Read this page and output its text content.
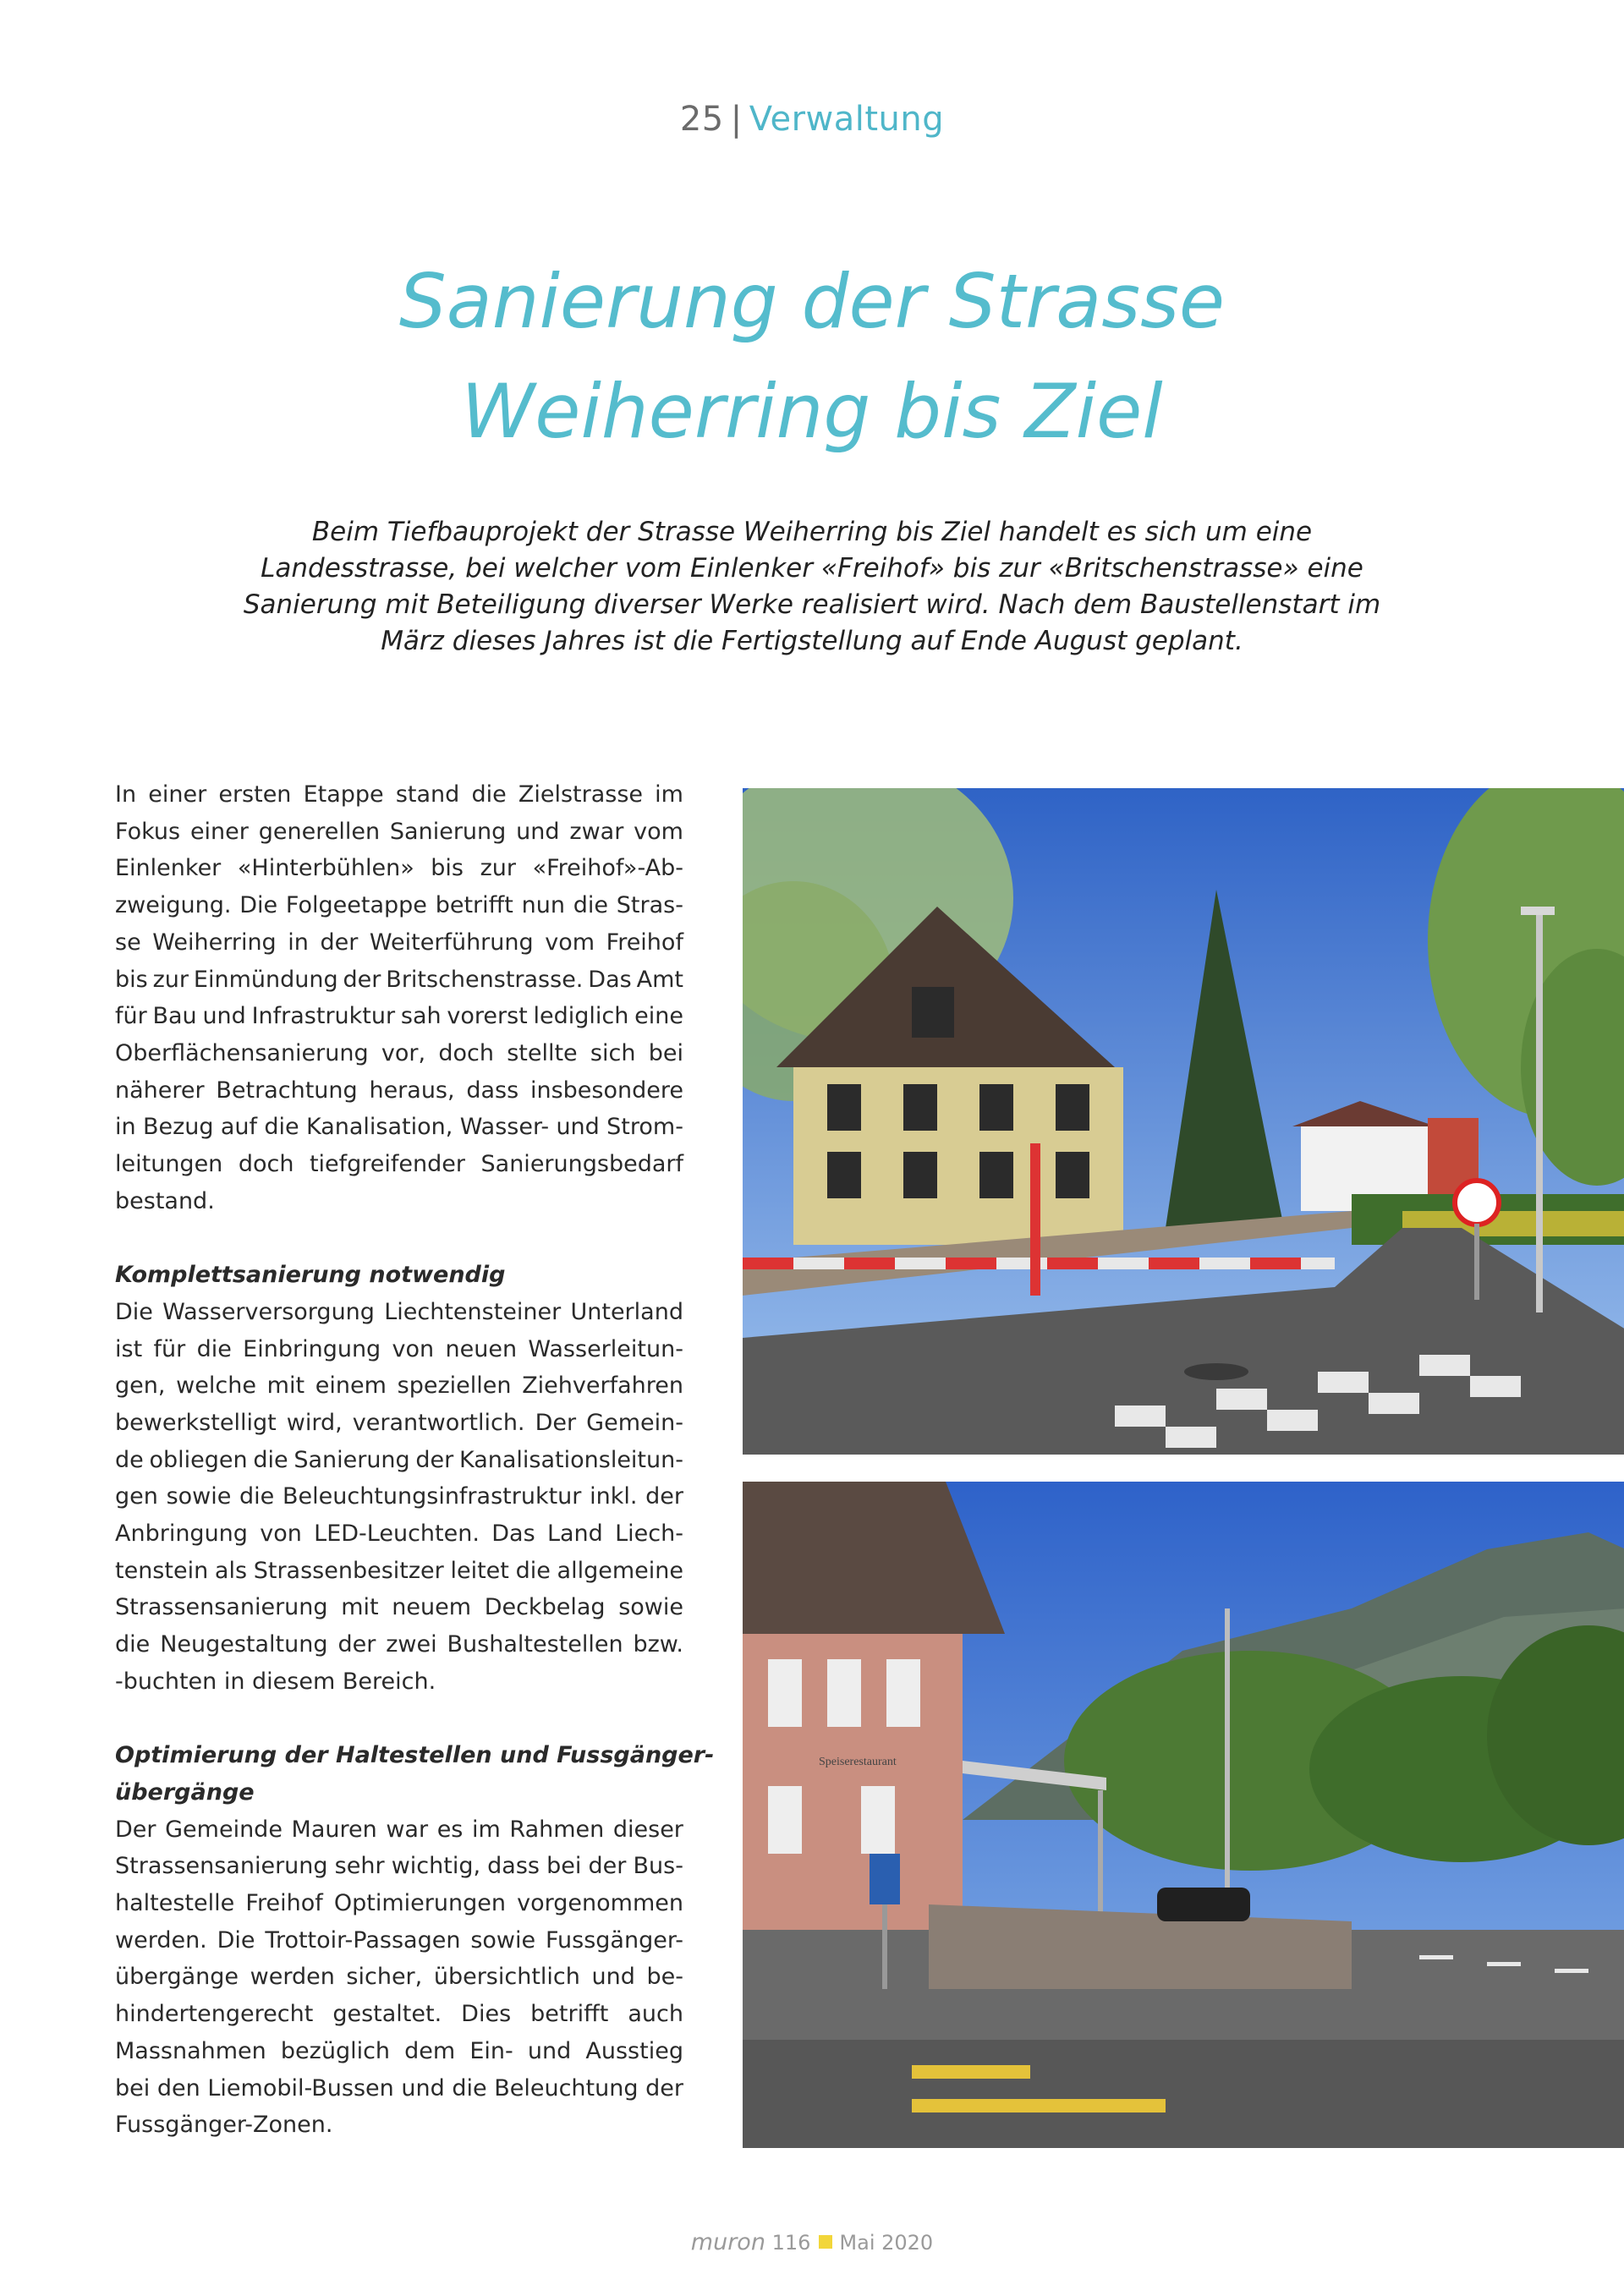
25 | Verwaltung
Sanierung der Strasse
Weiherring bis Ziel
Beim Tiefbauprojekt der Strasse Weiherring bis Ziel handelt es sich um eine
Landesstrasse, bei welcher vom Einlenker «Freihof» bis zur «Britschenstrasse» eine
Sanierung mit Beteiligung diverser Werke realisiert wird. Nach dem Baustellenstart im
März dieses Jahres ist die Fertigstellung auf Ende August geplant.
In einer ersten Etappe stand die Zielstrasse im
Fokus einer generellen Sanierung und zwar vom
Einlenker «Hinterbühlen» bis zur «Freihof»-Ab-
zweigung. Die Folgeetappe betrifft nun die Stras-
se Weiherring in der Weiterführung vom Freihof
bis zur Einmündung der Britschenstrasse. Das Amt
für Bau und Infrastruktur sah vorerst lediglich eine
Oberflächensanierung vor, doch stellte sich bei
näherer Betrachtung heraus, dass insbesondere
in Bezug auf die Kanalisation, Wasser- und Strom-
leitungen doch tiefgreifender Sanierungsbedarf
bestand.
Komplettsanierung notwendig
Die Wasserversorgung Liechtensteiner Unterland
ist für die Einbringung von neuen Wasserleitun-
gen, welche mit einem speziellen Ziehverfahren
bewerkstelligt wird, verantwortlich. Der Gemein-
de obliegen die Sanierung der Kanalisationsleitun-
gen sowie die Beleuchtungsinfrastruktur inkl. der
Anbringung von LED-Leuchten. Das Land Liech-
tenstein als Strassenbesitzer leitet die allgemeine
Strassensanierung mit neuem Deckbelag sowie
die Neugestaltung der zwei Bushaltestellen bzw.
-buchten in diesem Bereich.
Optimierung der Haltestellen und Fussgänger-
übergänge
Der Gemeinde Mauren war es im Rahmen dieser
Strassensanierung sehr wichtig, dass bei der Bus-
haltestelle Freihof Optimierungen vorgenommen
werden. Die Trottoir-Passagen sowie Fussgänger-
übergänge werden sicher, übersichtlich und be-
hindertengerecht gestaltet. Dies betrifft auch
Massnahmen bezüglich dem Ein- und Ausstieg
bei den Liemobil-Bussen und die Beleuchtung der
Fussgänger-Zonen.
Speiserestaurant
muron 116 Mai 2020
